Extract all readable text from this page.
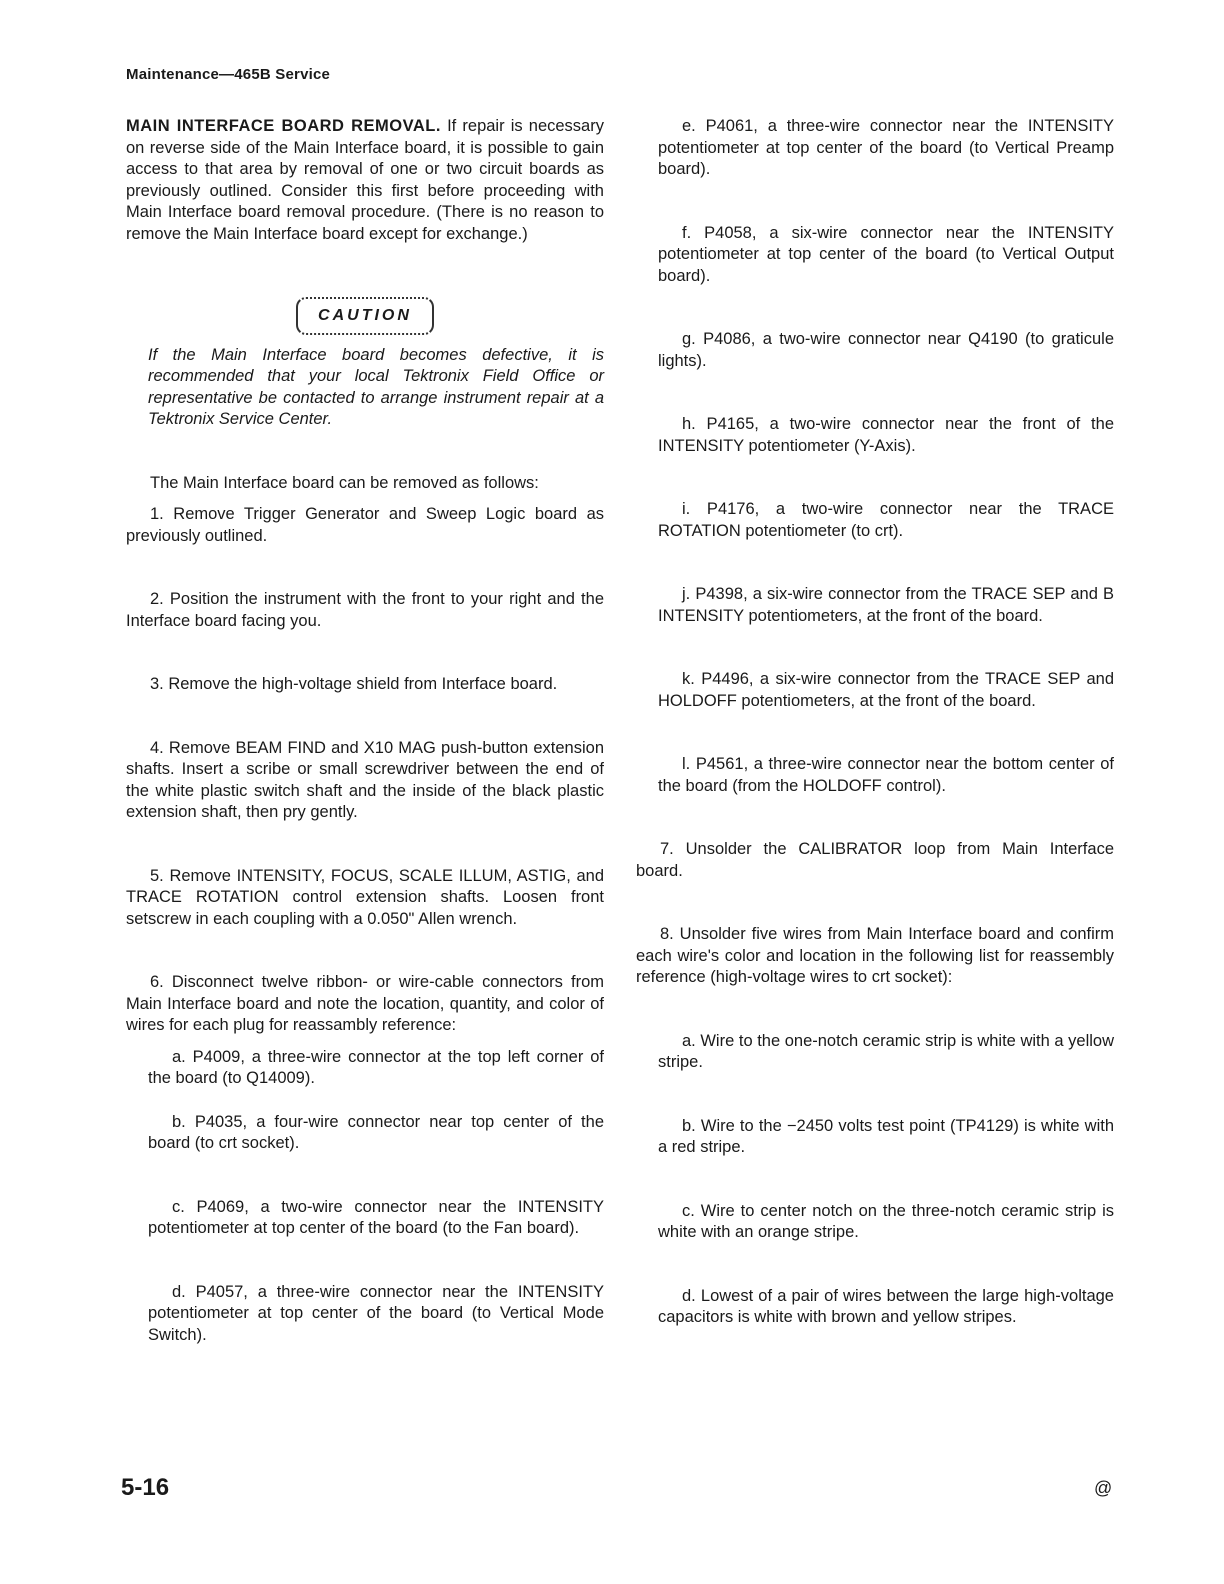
Maintenance—465B Service

MAIN INTERFACE BOARD REMOVAL. If repair is necessary on reverse side of the Main Interface board, it is possible to gain access to that area by removal of one or two circuit boards as previously outlined. Consider this first before proceeding with Main Interface board removal procedure. (There is no reason to remove the Main Interface board except for exchange.)

CAUTION

If the Main Interface board becomes defective, it is recommended that your local Tektronix Field Office or representative be contacted to arrange instrument repair at a Tektronix Service Center.

The Main Interface board can be removed as follows:

1. Remove Trigger Generator and Sweep Logic board as previously outlined.

2. Position the instrument with the front to your right and the Interface board facing you.

3. Remove the high-voltage shield from Interface board.

4. Remove BEAM FIND and X10 MAG push-button extension shafts. Insert a scribe or small screwdriver between the end of the white plastic switch shaft and the inside of the black plastic extension shaft, then pry gently.

5. Remove INTENSITY, FOCUS, SCALE ILLUM, ASTIG, and TRACE ROTATION control extension shafts. Loosen front setscrew in each coupling with a 0.050" Allen wrench.

6. Disconnect twelve ribbon- or wire-cable connectors from Main Interface board and note the location, quantity, and color of wires for each plug for reassambly reference:

a. P4009, a three-wire connector at the top left corner of the board (to Q14009).

b. P4035, a four-wire connector near top center of the board (to crt socket).

c. P4069, a two-wire connector near the INTENSITY potentiometer at top center of the board (to the Fan board).

d. P4057, a three-wire connector near the INTENSITY potentiometer at top center of the board (to Vertical Mode Switch).

e. P4061, a three-wire connector near the INTENSITY potentiometer at top center of the board (to Vertical Preamp board).

f. P4058, a six-wire connector near the INTENSITY potentiometer at top center of the board (to Vertical Output board).

g. P4086, a two-wire connector near Q4190 (to graticule lights).

h. P4165, a two-wire connector near the front of the INTENSITY potentiometer (Y-Axis).

i. P4176, a two-wire connector near the TRACE ROTATION potentiometer (to crt).

j. P4398, a six-wire connector from the TRACE SEP and B INTENSITY potentiometers, at the front of the board.

k. P4496, a six-wire connector from the TRACE SEP and HOLDOFF potentiometers, at the front of the board.

l. P4561, a three-wire connector near the bottom center of the board (from the HOLDOFF control).

7. Unsolder the CALIBRATOR loop from Main Interface board.

8. Unsolder five wires from Main Interface board and confirm each wire's color and location in the following list for reassembly reference (high-voltage wires to crt socket):

a. Wire to the one-notch ceramic strip is white with a yellow stripe.

b. Wire to the −2450 volts test point (TP4129) is white with a red stripe.

c. Wire to center notch on the three-notch ceramic strip is white with an orange stripe.

d. Lowest of a pair of wires between the large high-voltage capacitors is white with brown and yellow stripes.

5-16	@
